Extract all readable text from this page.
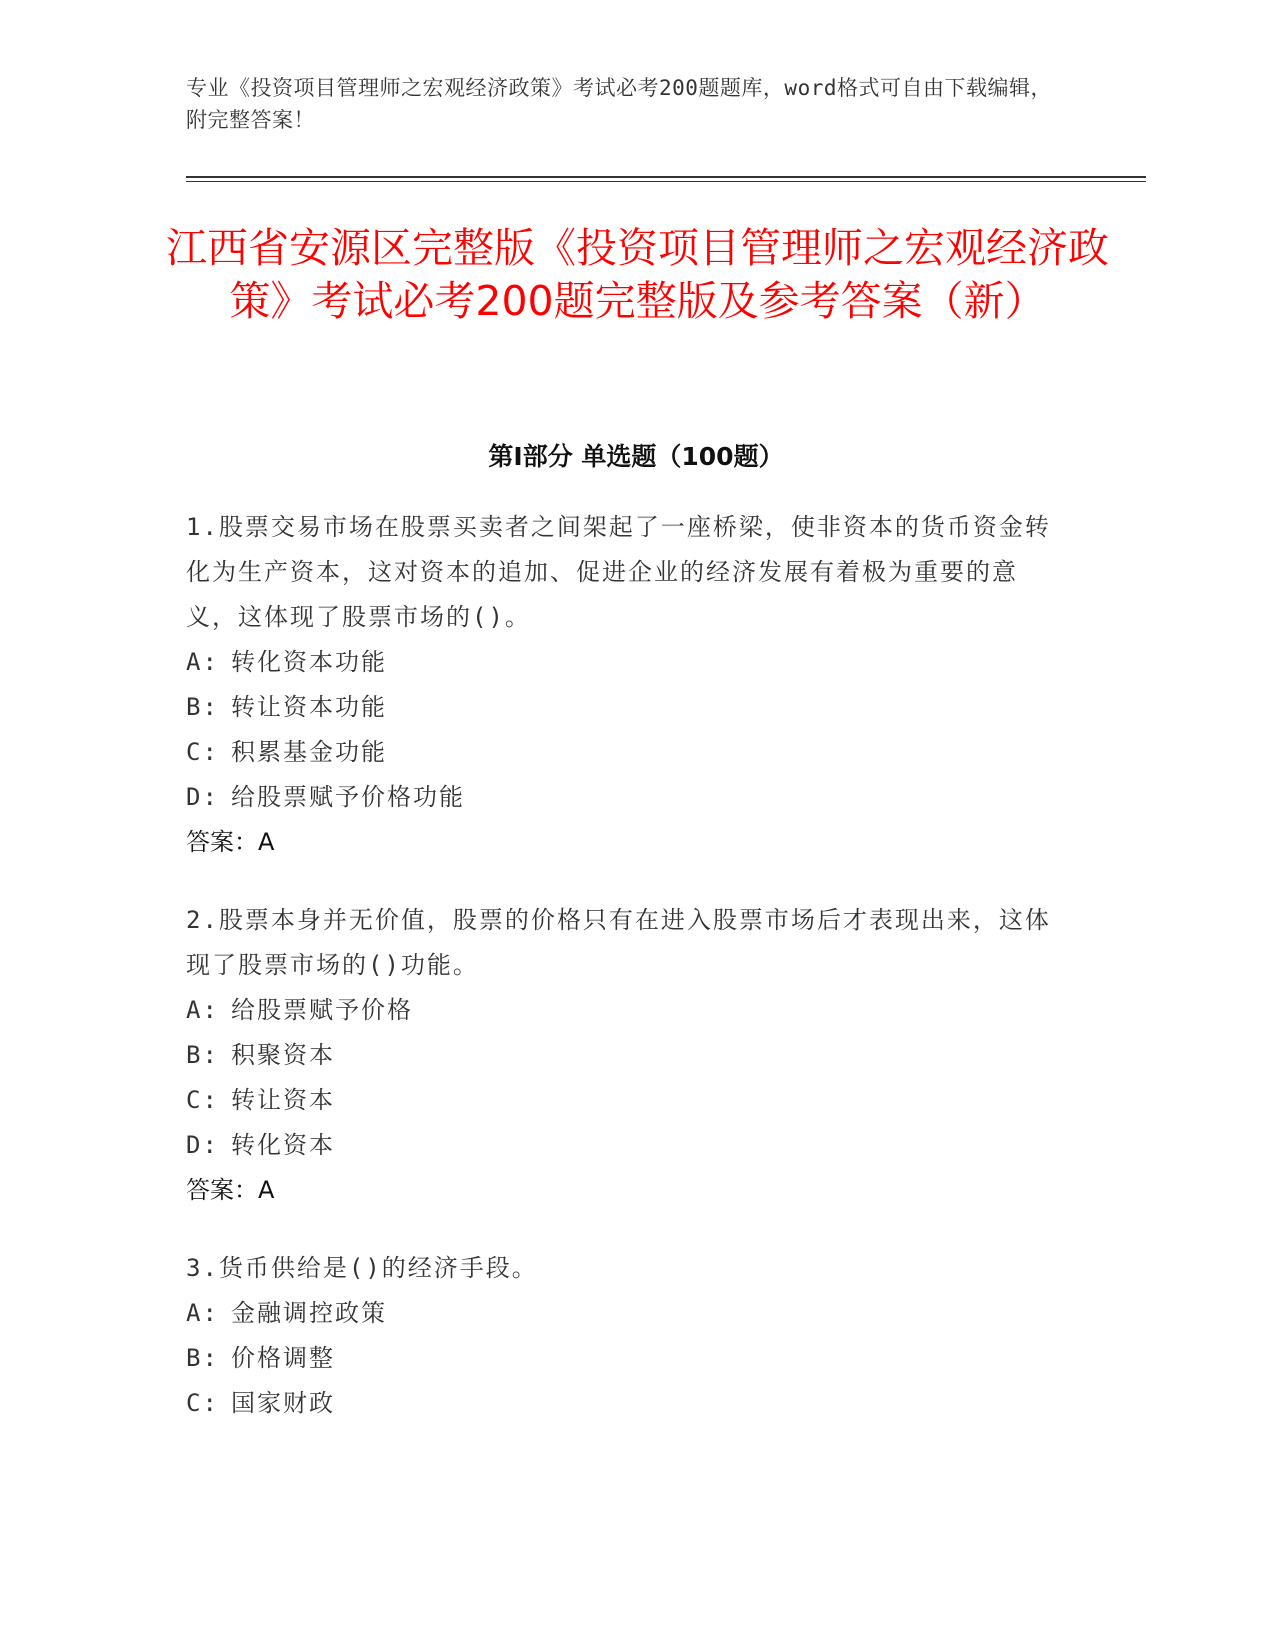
专业《投资项目管理师之宏观经济政策》考试必考200题题库，word格式可自由下载编辑，附完整答案！
江西省安源区完整版《投资项目管理师之宏观经济政策》考试必考200题完整版及参考答案（新）
第Ⅰ部分 单选题（100题）
1.股票交易市场在股票买卖者之间架起了一座桥梁，使非资本的货币资金转化为生产资本，这对资本的追加、促进企业的经济发展有着极为重要的意义，这体现了股票市场的()。
A: 转化资本功能
B: 转让资本功能
C: 积累基金功能
D: 给股票赋予价格功能
答案：A
2.股票本身并无价值，股票的价格只有在进入股票市场后才表现出来，这体现了股票市场的()功能。
A: 给股票赋予价格
B: 积聚资本
C: 转让资本
D: 转化资本
答案：A
3.货币供给是()的经济手段。
A: 金融调控政策
B: 价格调整
C: 国家财政
